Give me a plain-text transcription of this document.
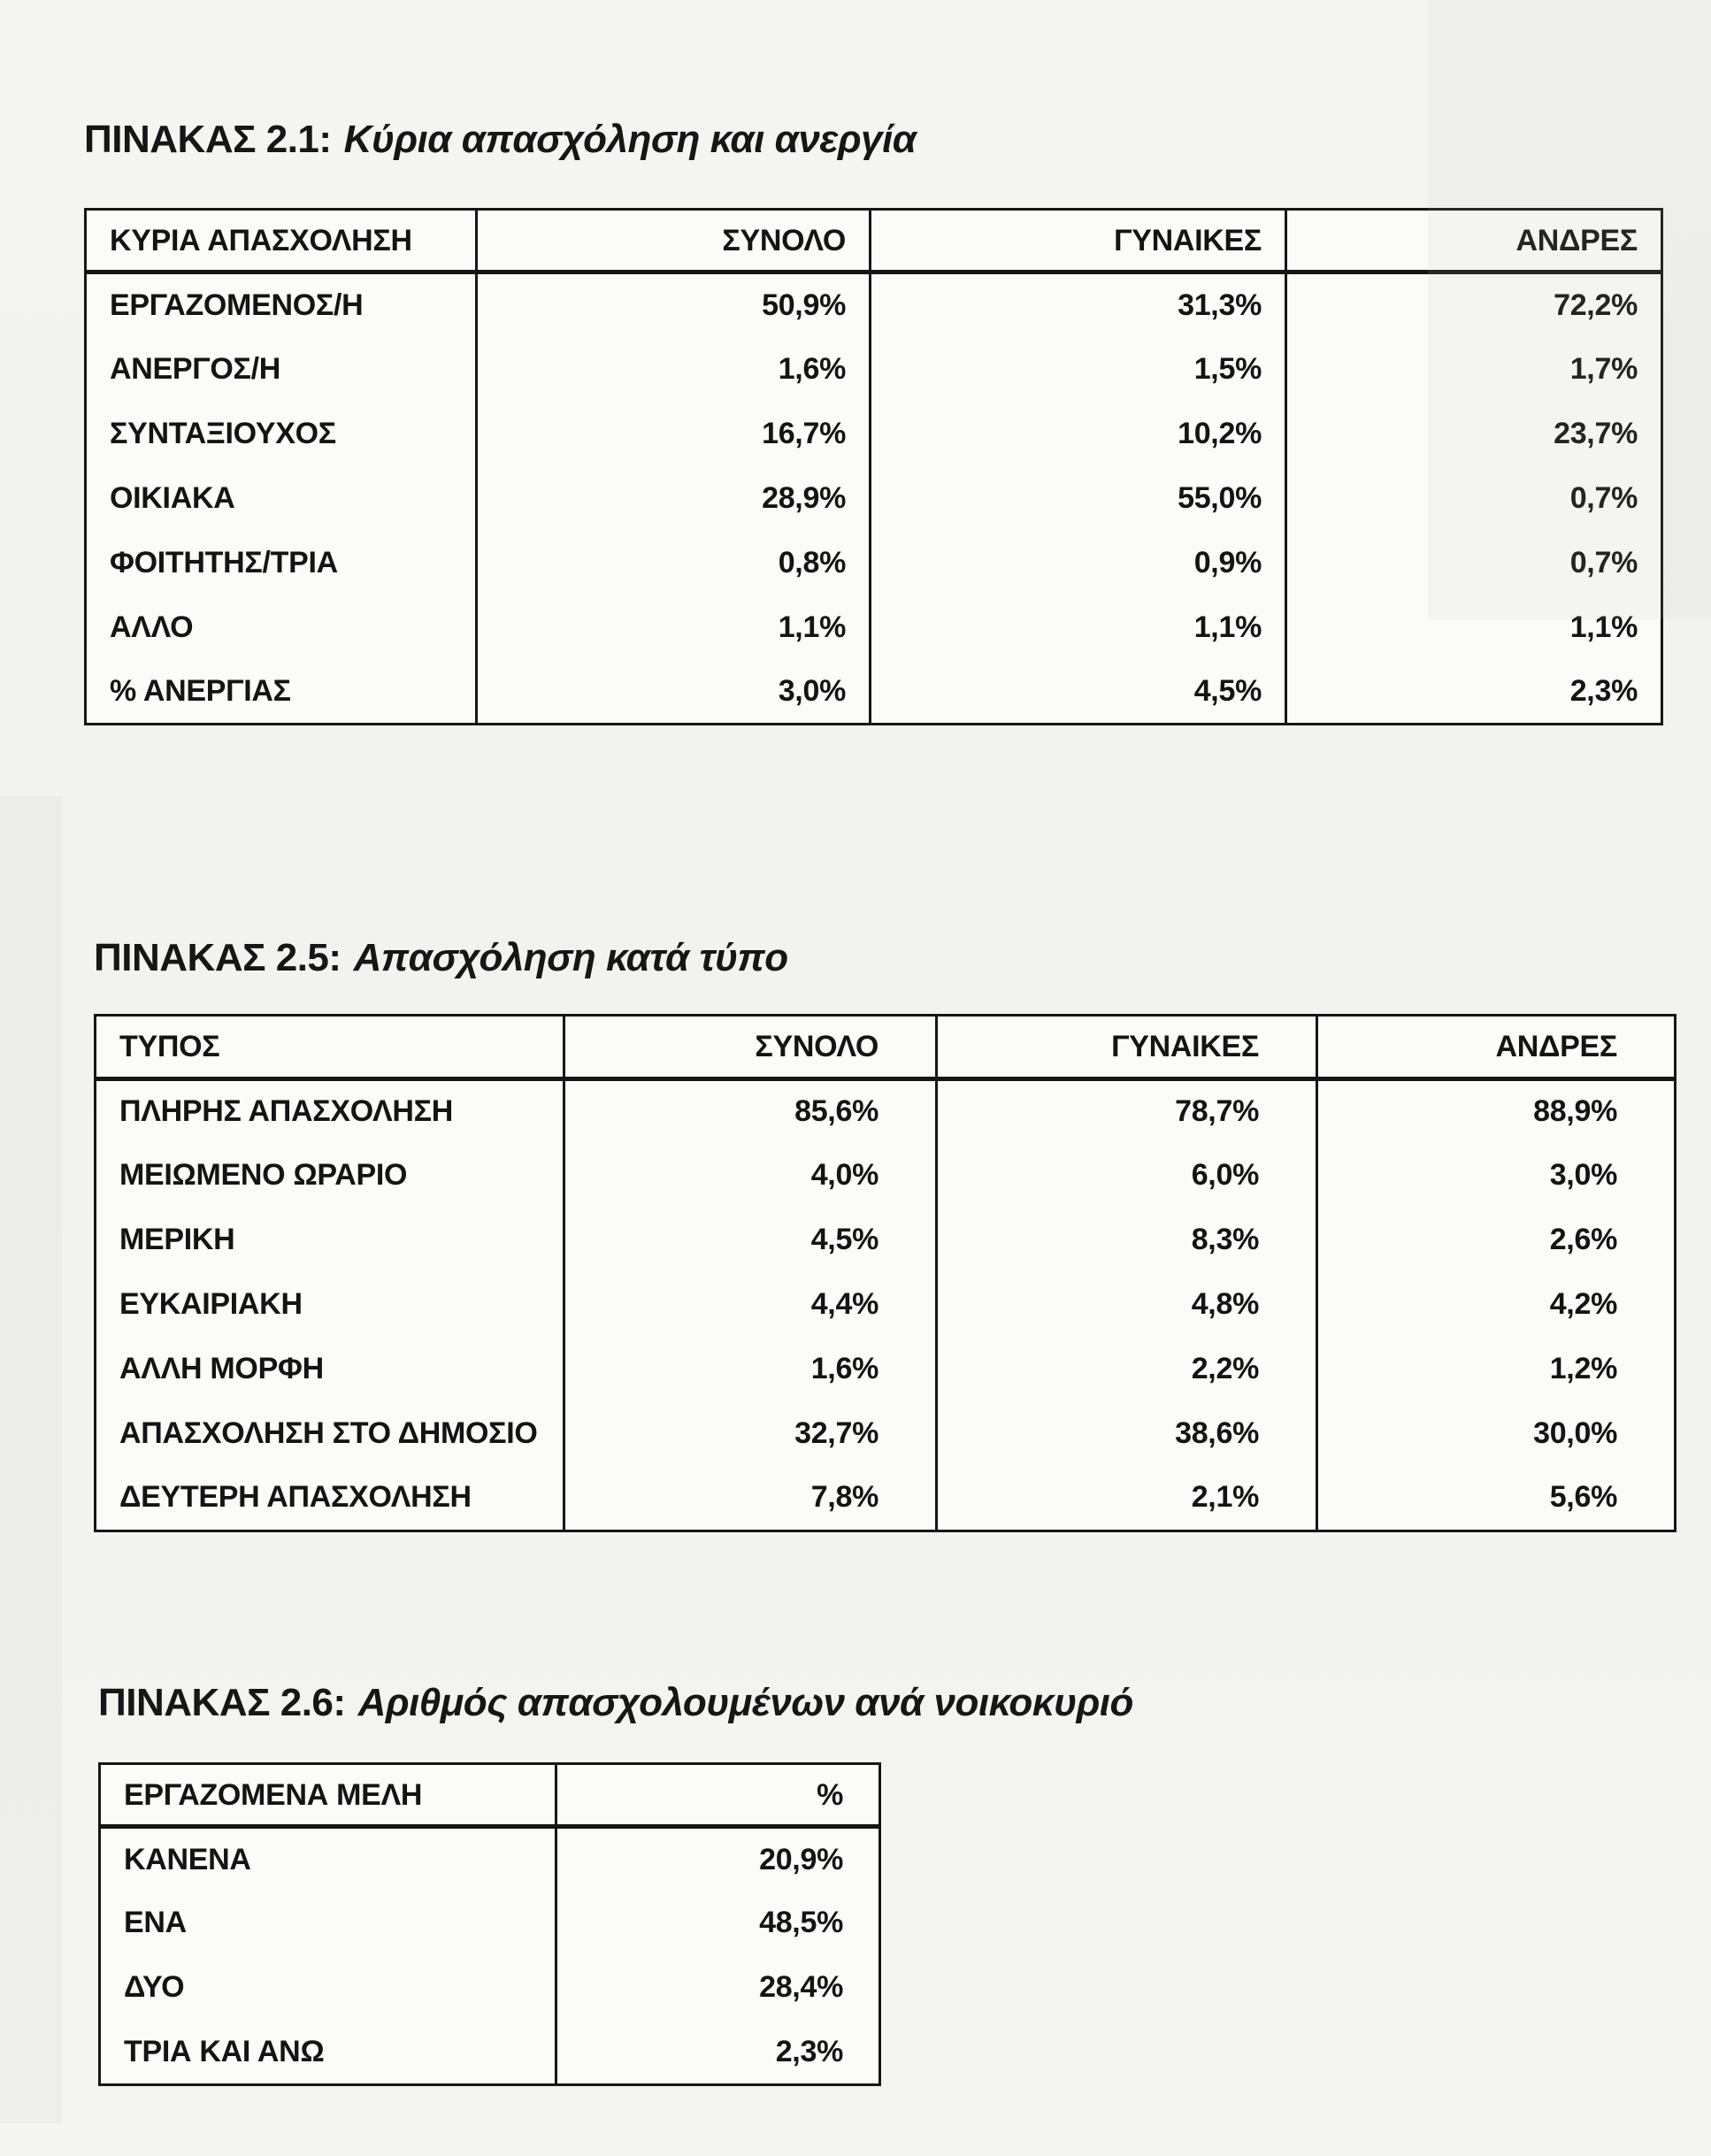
ΠΙΝΑΚΑΣ 2.1: Κύρια απασχόληση και ανεργία
ΚΥΡΙΑ ΑΠΑΣΧΟΛΗΣΗ	ΣΥΝΟΛΟ	ΓΥΝΑΙΚΕΣ	ΑΝΔΡΕΣ
ΕΡΓΑΖΟΜΕΝΟΣ/Η	50,9%	31,3%	72,2%
ΑΝΕΡΓΟΣ/Η	1,6%	1,5%	1,7%
ΣΥΝΤΑΞΙΟΥΧΟΣ	16,7%	10,2%	23,7%
ΟΙΚΙΑΚΑ	28,9%	55,0%	0,7%
ΦΟΙΤΗΤΗΣ/ΤΡΙΑ	0,8%	0,9%	0,7%
ΑΛΛΟ	1,1%	1,1%	1,1%
% ΑΝΕΡΓΙΑΣ	3,0%	4,5%	2,3%
ΠΙΝΑΚΑΣ 2.5: Απασχόληση κατά τύπο
ΤΥΠΟΣ	ΣΥΝΟΛΟ	ΓΥΝΑΙΚΕΣ	ΑΝΔΡΕΣ
ΠΛΗΡΗΣ ΑΠΑΣΧΟΛΗΣΗ	85,6%	78,7%	88,9%
ΜΕΙΩΜΕΝΟ ΩΡΑΡΙΟ	4,0%	6,0%	3,0%
ΜΕΡΙΚΗ	4,5%	8,3%	2,6%
ΕΥΚΑΙΡΙΑΚΗ	4,4%	4,8%	4,2%
ΑΛΛΗ ΜΟΡΦΗ	1,6%	2,2%	1,2%
ΑΠΑΣΧΟΛΗΣΗ ΣΤΟ ΔΗΜΟΣΙΟ	32,7%	38,6%	30,0%
ΔΕΥΤΕΡΗ ΑΠΑΣΧΟΛΗΣΗ	7,8%	2,1%	5,6%
ΠΙΝΑΚΑΣ 2.6: Αριθμός απασχολουμένων ανά νοικοκυριό
ΕΡΓΑΖΟΜΕΝΑ ΜΕΛΗ	%
ΚΑΝΕΝΑ	20,9%
ΕΝΑ	48,5%
ΔΥΟ	28,4%
ΤΡΙΑ ΚΑΙ ΑΝΩ	2,3%
